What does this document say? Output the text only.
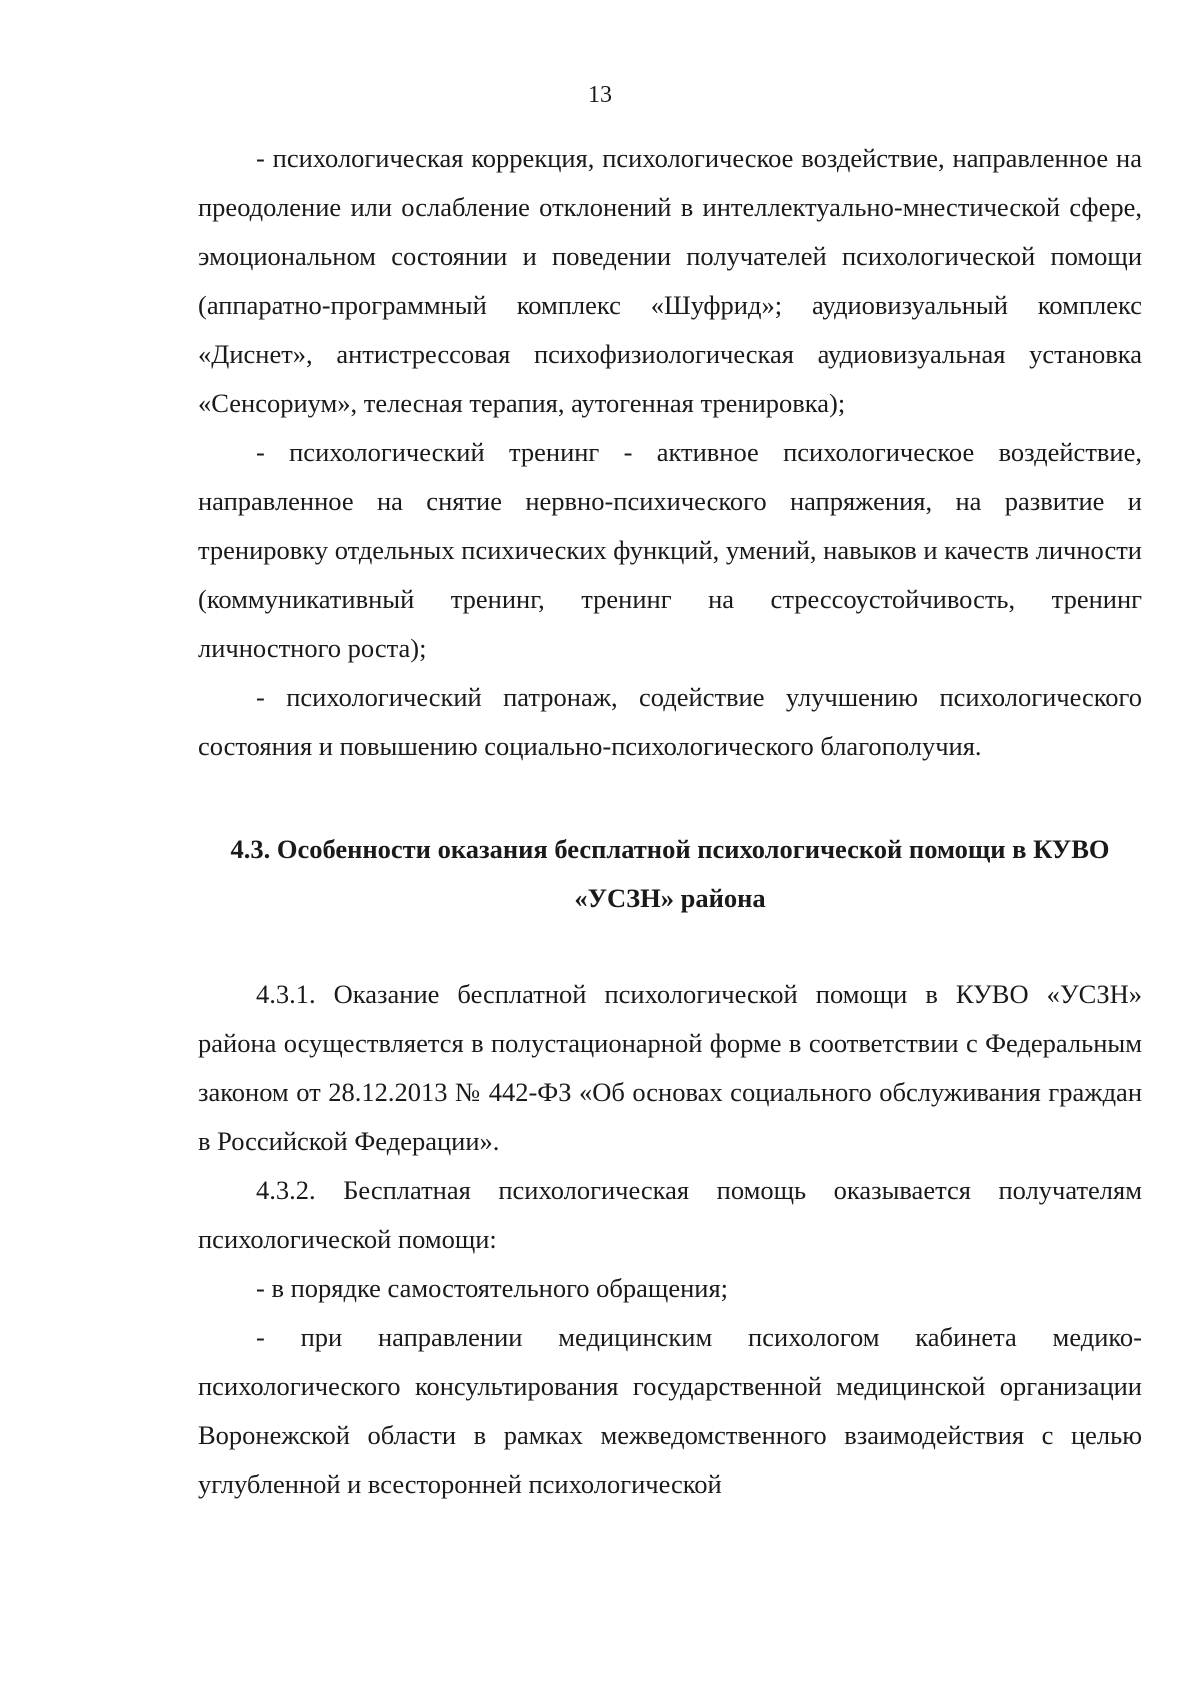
13

- психологическая коррекция, психологическое воздействие, направленное на преодоление или ослабление отклонений в интеллектуально-мнестической сфере, эмоциональном состоянии и поведении получателей психологической помощи (аппаратно-программный комплекс «Шуфрид»; аудиовизуальный комплекс «Диснет», антистрессовая психофизиологическая аудиовизуальная установка «Сенсориум», телесная терапия, аутогенная тренировка);

- психологический тренинг - активное психологическое воздействие, направленное на снятие нервно-психического напряжения, на развитие и тренировку отдельных психических функций, умений, навыков и качеств личности (коммуникативный тренинг, тренинг на стрессоустойчивость, тренинг личностного роста);

- психологический патронаж, содействие улучшению психологического состояния и повышению социально-психологического благополучия.

4.3. Особенности оказания бесплатной психологической помощи в КУВО «УСЗН» района

4.3.1. Оказание бесплатной психологической помощи в КУВО «УСЗН» района осуществляется в полустационарной форме в соответствии с Федеральным законом от 28.12.2013 № 442-ФЗ «Об основах социального обслуживания граждан в Российской Федерации».

4.3.2. Бесплатная психологическая помощь оказывается получателям психологической помощи:

- в порядке самостоятельного обращения;

- при направлении медицинским психологом кабинета медико-психологического консультирования государственной медицинской организации Воронежской области в рамках межведомственного взаимодействия с целью углубленной и всесторонней психологической
